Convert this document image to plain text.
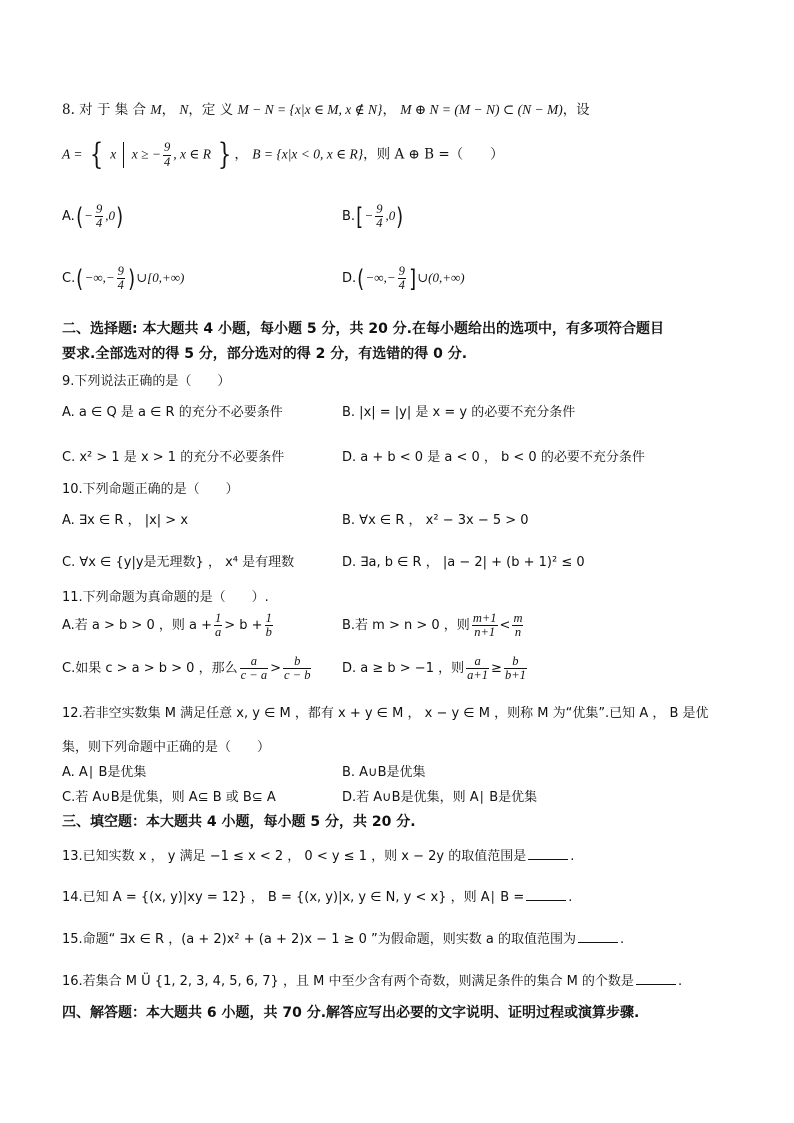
8. 对 于 集 合 M， N，定 义 M − N = {x|x ∈ M, x ∉ N}， M ⊕ N = (M − N) ⊂ (N − M)，设
A = { x x ≥ − $\frac{9}{4}$ , x ∈ R } ， B = {x|x < 0, x ∈ R}，则 A ⊕ B =（　　）
$A.(- \frac{9}{4} ,0)$	$B.[- \frac{9}{4} ,0)$
$C.(-\infty,- \frac{9}{4}$ )∪[0,+∞)	$D.(-\infty,- \frac{9}{4}$ ]∪(0,+∞)
二、选择题: 本大题共 4 小题，每小题 5 分，共 20 分.在每小题给出的选项中，有多项符合题目
要求.全部选对的得 5 分，部分选对的得 2 分，有选错的得 0 分.
9.下列说法正确的是（　　）
A. a ∈ Q 是 a ∈ R 的充分不必要条件	B. |x| = |y| 是 x = y 的必要不充分条件
C. x² > 1 是 x > 1 的充分不必要条件	D. a + b < 0 是 a < 0 ， b < 0 的必要不充分条件
10.下列命题正确的是（　　）
A. ∃x ∈ R ， |x| > x	B. ∀x ∈ R ， x² − 3x − 5 > 0
C. ∀x ∈ {y|y是无理数} ， x⁴ 是有理数	D. ∃a, b ∈ R ， |a − 2| + (b + 1)² ≤ 0
11.下列命题为真命题的是（　　）.
A.若 a > b > 0 ，则 $a + \frac{1}{a} > b + \frac{1}{b}$	B.若 m > n > 0 ，则 $\frac{m+1}{n+1} < \frac{m}{n}$
C.如果 c > a > b > 0 ，那么 $\frac{a}{c - a} > \frac{b}{c - b} D$. a ≥ b > −1 ，则 $\frac{a}{a+1} \ge \frac{b}{b+1}$
12.若非空实数集 M 满足任意 x, y ∈ M ，都有 x + y ∈ M ， x − y ∈ M ，则称 M 为“优集”.已知 A ， B 是优
集，则下列命题中正确的是（　　）
A. A∣ B是优集	B. A∪B是优集
C.若 A∪B是优集，则 A⊆ B 或 B⊆ A	D.若 A∪B是优集，则 A∣ B是优集
三、填空题：本大题共 4 小题，每小题 5 分，共 20 分.
13.已知实数 x ， y 满足 −1 ≤ x < 2 ， 0 < y ≤ 1 ，则 x − 2y 的取值范围是	.
14.已知 A = {(x, y)|xy = 12} ， B = {(x, y)|x, y ∈ N, y < x} ，则 A∣ B =	.
15.命题“ ∃x ∈ R ，(a + 2)x² + (a + 2)x − 1 ≥ 0 ”为假命题，则实数 a 的取值范围为	.
16.若集合 M Ü {1, 2, 3, 4, 5, 6, 7} ，且 M 中至少含有两个奇数，则满足条件的集合 M 的个数是	.
四、解答题：本大题共 6 小题，共 70 分.解答应写出必要的文字说明、证明过程或演算步骤.
